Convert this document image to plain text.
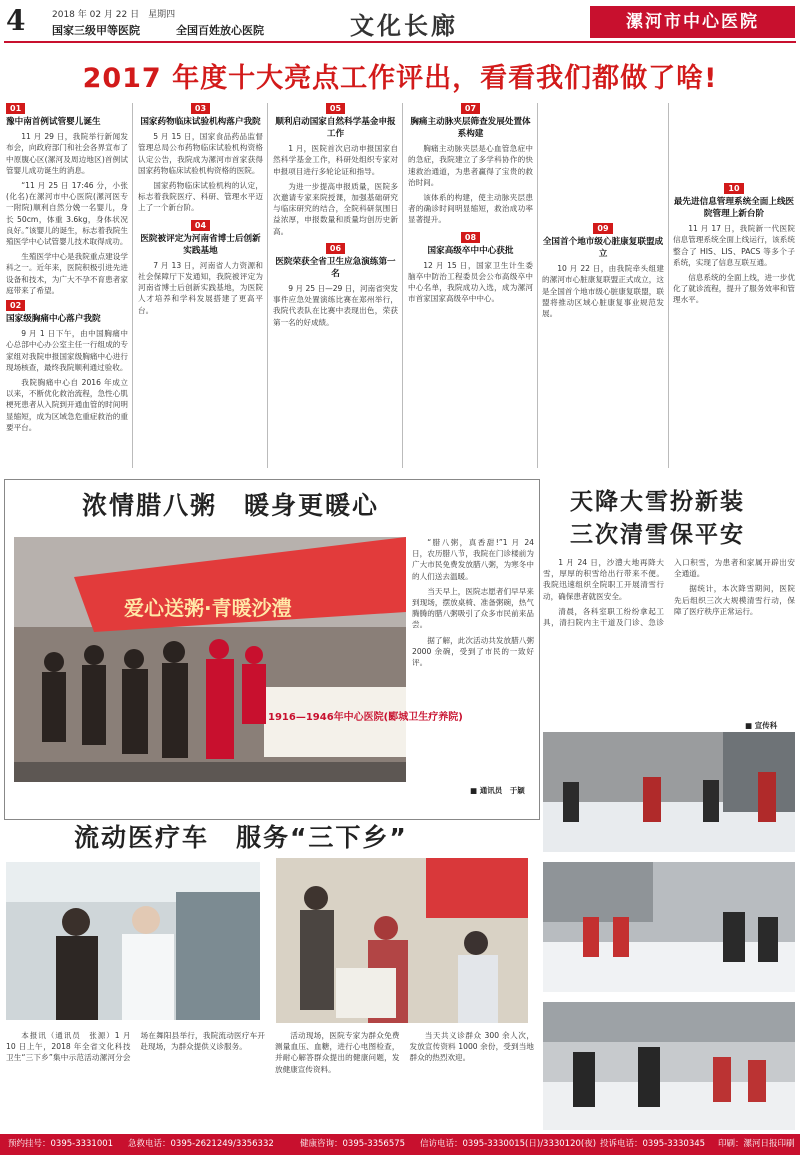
4	2018 年 02 月 22 日　星期四
国家三级甲等医院	全国百姓放心医院	文化长廊	漯河市中心医院
2017 年度十大亮点工作评出，看看我们都做了啥!
01
豫中南首例试管婴儿诞生

11 月 29 日，我院举行新闻发布会，向政府部门和社会各界宣布了中原腹心区(漯河及周边地区)首例试管婴儿成功诞生的消息。

“11 月 25 日 17:46 分，小张(化名)在漯河市中心医院(漯河医专一附院)顺利自然分娩一名婴儿，身长 50cm，体重 3.6kg，身体状况良好。”该婴儿的诞生，标志着我院生殖医学中心试管婴儿技术取得成功。

生殖医学中心是我院重点建设学科之一。近年来，医院积极引进先进设备和技术，为广大不孕不育患者家庭带来了希望。

02
国家级胸痛中心落户我院

9 月 1 日下午，由中国胸痛中心总部中心办公室主任一行组成的专家组对我院申报国家级胸痛中心进行现场核查，最终我院顺利通过验收。

我院胸痛中心自 2016 年成立以来，不断优化救治流程，急性心肌梗死患者从入院到开通血管的时间明显缩短，成为区域急危重症救治的重要平台。

03
国家药物临床试验机构落户我院

5 月 15 日，国家食品药品监督管理总局公布药物临床试验机构资格认定公告，我院成为漯河市首家获得国家药物临床试验机构资格的医院。

国家药物临床试验机构的认定，标志着我院医疗、科研、管理水平迈上了一个新台阶。

04
医院被评定为河南省博士后创新实践基地

7 月 13 日，河南省人力资源和社会保障厅下发通知，我院被评定为河南省博士后创新实践基地，为医院人才培养和学科发展搭建了更高平台。

05
顺利启动国家自然科学基金申报工作

1 月，医院首次启动申报国家自然科学基金工作，科研处组织专家对申报项目进行多轮论证和指导。

为进一步提高申报质量，医院多次邀请专家来院授课，加强基础研究与临床研究的结合，全院科研氛围日益浓厚，申报数量和质量均创历史新高。

06
医院荣获全省卫生应急演练第一名

9 月 25 日—29 日，河南省突发事件应急处置演练比赛在郑州举行，我院代表队在比赛中表现出色，荣获第一名的好成绩。

07
胸痛主动脉夹层筛查发展处置体系构建

胸痛主动脉夹层是心血管急症中的急症，我院建立了多学科协作的快速救治通道，为患者赢得了宝贵的救治时间。

该体系的构建，使主动脉夹层患者的确诊时间明显缩短，救治成功率显著提升。

08
国家高级卒中中心获批

12 月 15 日，国家卫生计生委脑卒中防治工程委员会公布高级卒中中心名单，我院成功入选，成为漯河市首家国家高级卒中中心。

09
全国首个地市级心脏康复联盟成立

10 月 22 日，由我院牵头组建的漯河市心脏康复联盟正式成立，这是全国首个地市级心脏康复联盟，联盟将推动区域心脏康复事业规范发展。

10
最先进信息管理系统全面上线医院管理上新台阶

11 月 17 日，我院新一代医院信息管理系统全面上线运行，该系统整合了 HIS、LIS、PACS 等多个子系统，实现了信息互联互通。

信息系统的全面上线，进一步优化了就诊流程，提升了服务效率和管理水平。

浓情腊八粥　暖身更暖心
爱心送粥·青暖沙澧
1916—1946年中心医院(郾城卫生疗养院)

“腊八粥，真香甜!”1 月 24 日，农历腊八节，我院在门诊楼前为广大市民免费发放腊八粥，为寒冬中的人们送去温暖。

当天早上，医院志愿者们早早来到现场，摆放桌椅、准备粥碗，热气腾腾的腊八粥吸引了众多市民前来品尝。

据了解，此次活动共发放腊八粥 2000 余碗，受到了市民的一致好评。

■ 通讯员　于颖
流动医疗车　服务“三下乡”

本报讯（通讯员　张源）1 月 10 日上午，2018 年全省文化科技卫生“三下乡”集中示范活动漯河分会场在舞阳县举行，我院流动医疗车开赴现场，为群众提供义诊服务。

活动现场，医院专家为群众免费测量血压、血糖，进行心电图检查，并耐心解答群众提出的健康问题，发放健康宣传资料。

当天共义诊群众 300 余人次，发放宣传资料 1000 余份，受到当地群众的热烈欢迎。

天降大雪扮新装
三次清雪保平安

1 月 24 日，沙澧大地再降大雪，厚厚的积雪给出行带来不便。我院迅速组织全院职工开展清雪行动，确保患者就医安全。

清晨，各科室职工纷纷拿起工具，清扫院内主干道及门诊、急诊入口积雪，为患者和家属开辟出安全通道。

据统计，本次降雪期间，医院先后组织三次大规模清雪行动，保障了医疗秩序正常运行。

■ 宣传科
预约挂号：0395-3331001 急救电话：0395-2621249/3356332	健康咨询：0395-3356575 信访电话：0395-3330015(日)/3330120(夜) 投诉电话：0395-3330345 印刷：漯河日报印刷厂
